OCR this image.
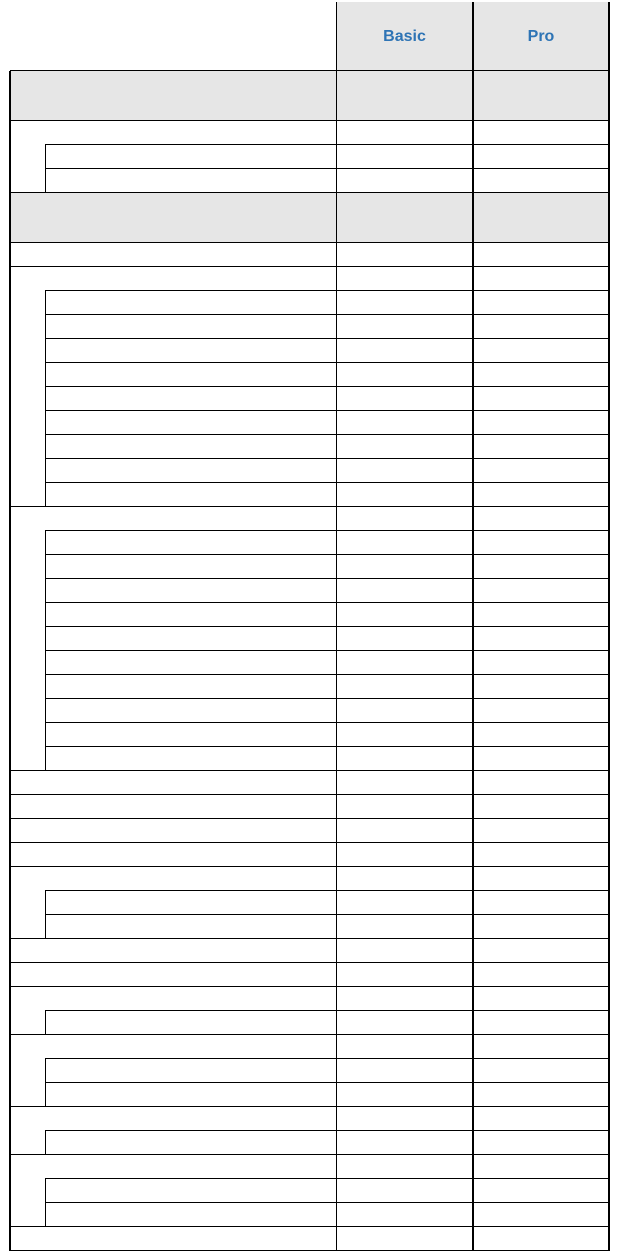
Basic	Pro
